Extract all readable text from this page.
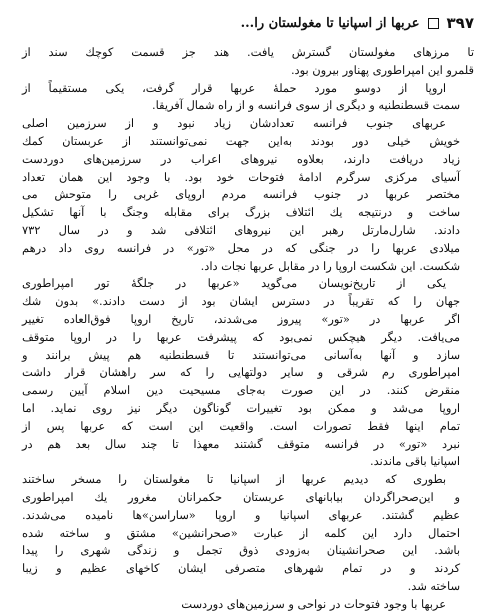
۳۹۷
عربها از اسپانیا تا مغولستان را...
تا مرزهای مغولستان گسترش یافت. هند جز قسمت کوچك سند از
قلمرو این امپراطوری پهناور بیرون بود.
اروپا از دوسو مورد حملهٔ عربها قرار گرفت، یکی مستقیماً از
سمت قسطنطنیه و دیگری از سوی فرانسه و از راه شمال آفریقا.
عربهای جنوب فرانسه تعدادشان زیاد نبود و از سرزمین اصلی
خویش خیلی دور بودند به‌این جهت نمی‌توانستند از عربستان کمك
زیاد دریافت دارند، بعلاوه نیروهای اعراب در سرزمین‌های دوردست
آسیای مرکزی سرگرم ادامهٔ فتوحات خود بود. با وجود این همان تعداد
مختصر عربها در جنوب فرانسه مردم اروپای غربی را متوحش می‌
ساخت و درنتیجه یك ائتلاف بزرگ برای مقابله وجنگ با آنها تشکیل
دادند. شارل‌مارتل رهبر این نیروهای ائتلافی شد و در سال ۷۳۲
میلادی عربها را در جنگی که در محل «تور» در فرانسه روی داد درهم
شکست. این شکست اروپا را در مقابل عربها نجات داد.
یکی از تاریخ‌نویسان می‌گوید «عربها در جلگهٔ تور امپراطوری
جهان را که تقریباً در دسترس ایشان بود از دست دادند.» بدون شك
اگر عربها در «تور» پیروز می‌شدند، تاریخ اروپا فوق‌العاده تغییر
می‌یافت. دیگر هیچکس نمی‌بود که پیشرفت عربها را در اروپا متوقف
سازد و آنها به‌آسانی می‌توانستند تا قسطنطنیه هم پیش برانند و
امپراطوری رم شرقی و سایر دولتهایی را که سر راهشان قرار داشت
منقرض کنند. در این صورت به‌جای مسیحیت دین اسلام آیین رسمی
اروپا می‌شد و ممکن بود تغییرات گوناگون دیگر نیز روی نماید. اما
تمام اینها فقط تصورات است. واقعیت این است که عربها پس از
نبرد «تور» در فرانسه متوقف گشتند معهذا تا چند سال بعد هم در
اسپانیا باقی ماندند.
بطوری که دیدیم عربها از اسپانیا تا مغولستان را مسخر ساختند
و این‌صحراگردان بیابانهای عربستان حکمرانان مغرور یك امپراطوری
عظیم گشتند. عربهای اسپانیا و اروپا «ساراسن»ها نامیده می‌شدند.
احتمال دارد این کلمه از عبارت «صحرانشین» مشتق و ساخته شده
باشد. این صحرانشینان به‌زودی ذوق تجمل و زندگی شهری را پیدا
کردند و در تمام شهرهای متصرفی ایشان کاخهای عظیم و زیبا
ساخته شد.
عربها با وجود فتوحات در نواحی و سرزمین‌های دوردست
